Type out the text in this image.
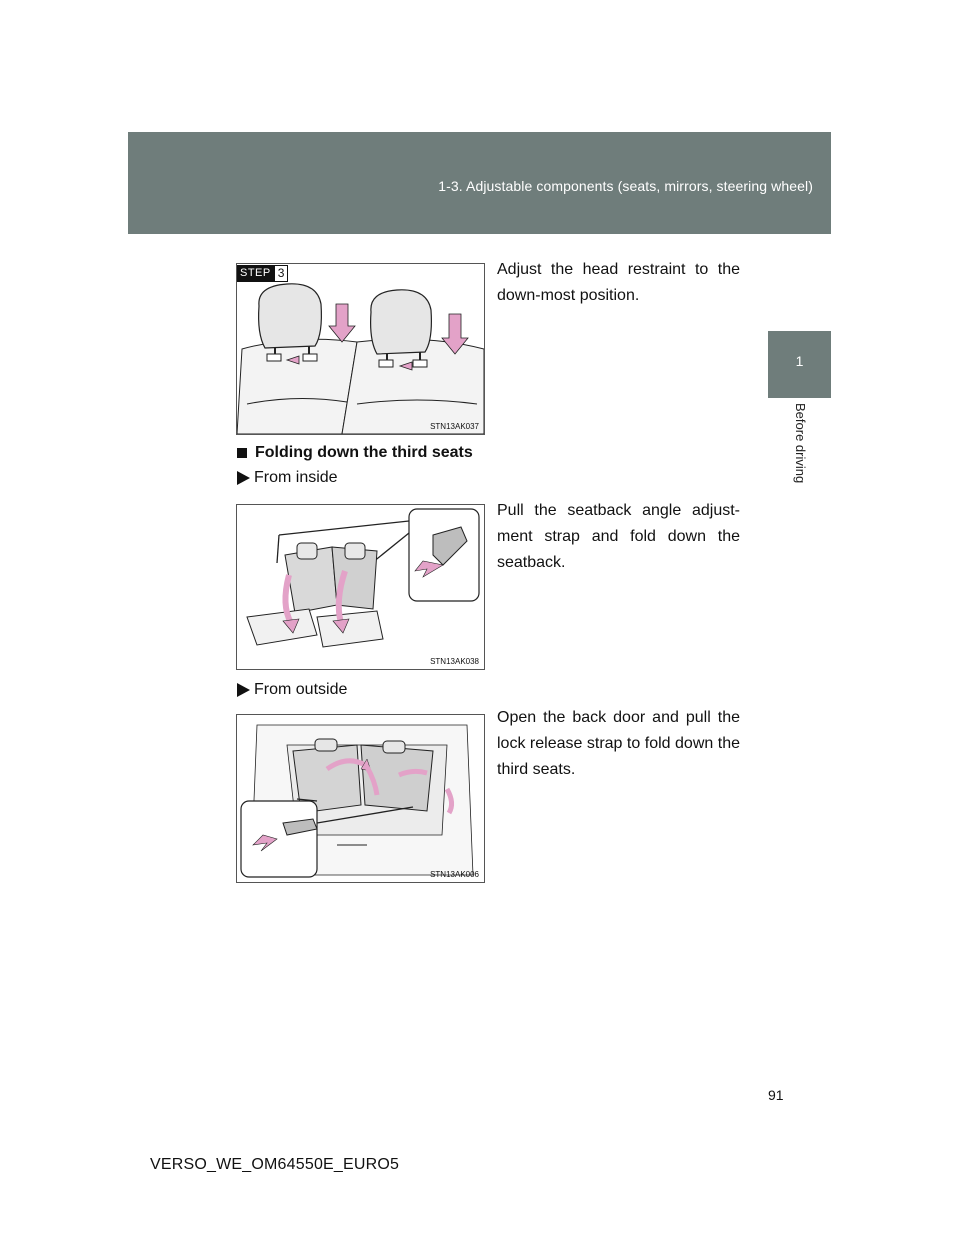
1-3. Adjustable components (seats, mirrors, steering wheel)
1
Before driving
STN13AK037
STEP 3	Adjust the head restraint to the down-most position.
Folding down the third seats
From inside
STN13AK038
Pull the seatback angle adjust-ment strap and fold down the seatback.
From outside
STN13AK006
Open the back door and pull the lock release strap to fold down the third seats.
91
VERSO_WE_OM64550E_EURO5
